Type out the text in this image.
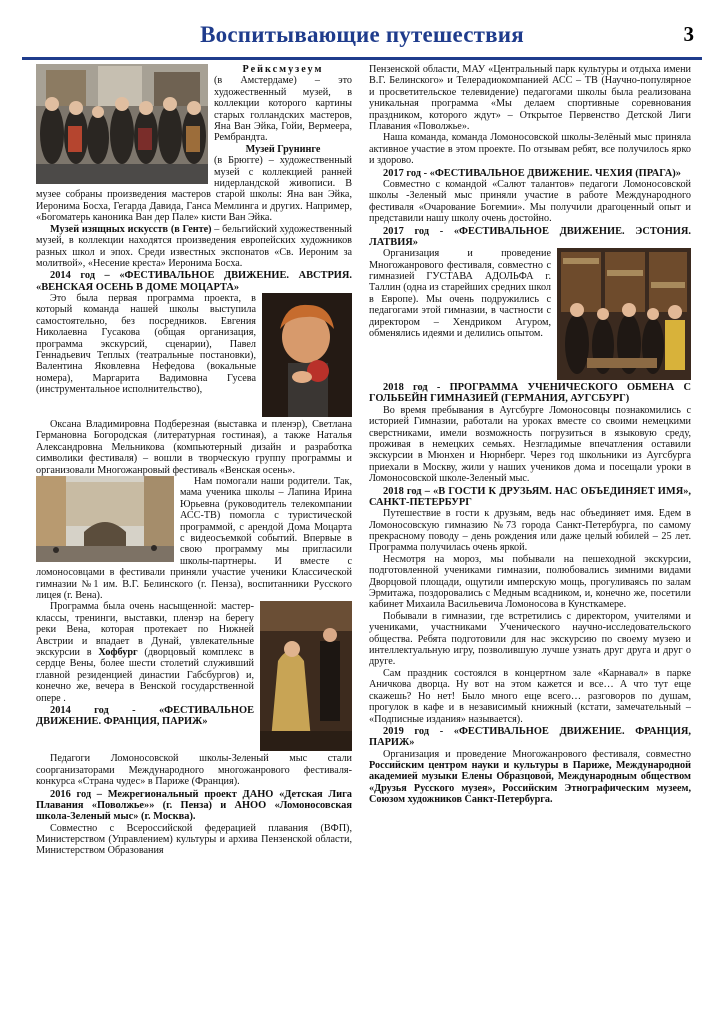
Воспитывающие путешествия	3

Рейксмузеум

(в Амстердаме) – это художественный музей, в коллекции которого картины старых голландских мастеров, Яна Ван Эйка, Гойи, Вермеера, Рембрандта.

Музей Грунинге

(в Брюгге) – художественный музей с коллекцией ранней нидерландской живописи. В музее собраны произведения мастеров старой школы: Яна ван Эйка, Иеронима Босха, Гегарда Давида, Ганса Мемлинга и других. Например, «Богоматерь каноника Ван дер Пале» кисти Ван Эйка.

Музей изящных искусств (в Генте) – бельгийский художественный музей, в коллекции находятся произведения европейских художников разных школ и эпох. Среди известных экспонатов «Св. Иероним за молитвой», «Несение креста» Иеронима Босха.

2014 год – «ФЕСТИВАЛЬНОЕ ДВИЖЕНИЕ. АВСТРИЯ. «ВЕНСКАЯ ОСЕНЬ В ДОМЕ МОЦАРТА»

Это была первая программа проекта, в который команда нашей школы выступила самостоятельно, без посредников. Евгения Николаевна Гусакова (общая организация, программа экскурсий, сценарии), Павел Геннадьевич Теплых (театральные постановки), Валентина Яковлевна Нефедова (вокальные номера), Маргарита Вадимовна Гусева (инструментальное исполнительство),

Оксана Владимировна Подберезная (выставка и пленэр), Светлана Германовна Богородская (литературная гостиная), а также Наталья Александровна Мельникова (компьютерный дизайн и разработка символики фестиваля) – вошли в творческую группу программы и организовали Многожанровый фестиваль «Венская осень».

Нам помогали наши родители. Так, мама ученика школы – Лапина Ирина Юрьевна (руководитель телекомпании АСС-ТВ) помогла с туристической программой, с арендой Дома Моцарта с видеосъемкой событий. Впервые в свою программу мы пригласили школы-партнеры. И вместе с ломоносовцами в фестивали приняли участие ученики Классической гимназии №1 им. В.Г. Белинского (г. Пенза), воспитанники Русского лицея (г. Вена).

Программа была очень насыщенной: мастер-классы, тренинги, выставки, пленэр на берегу реки Вена, которая протекает по Нижней Австрии и впадает в Дунай, увлекательные экскурсии в Хофбург (дворцовый комплекс в сердце Вены, более шести столетий служивший главной резиденцией династии Габсбургов) и, конечно же, вечера в Венской государственной опере .

2014 год - «ФЕСТИВАЛЬНОЕ ДВИЖЕНИЕ. ФРАНЦИЯ, ПАРИЖ»

Педагоги Ломоносовской школы-Зеленый мыс стали соорганизаторами Международного многожанрового фестиваля-конкурса «Страна чудес» в Париже (Франция).

2016 год – Межрегиональный проект ДАНО «Детская Лига Плавания «Поволжье»» (г. Пенза) и АНОО «Ломоносовская школа-Зеленый мыс» (г. Москва).

Совместно с Всероссийской федерацией плавания (ВФП), Министерством (Управлением) культуры и архива Пензенской области, Министерством Образования

Пензенской области, МАУ «Центральный парк культуры и отдыха имени В.Г. Белинского» и Телерадиокомпанией АСС – ТВ (Научно-популярное и просветительское телевидение) педагогами школы была реализована уникальная программа «Мы делаем спортивные соревнования праздником, которого ждут» – Открытое Первенство Детской Лиги Плавания «Поволжье».

Наша команда, команда Ломоносовской школы-Зелёный мыс приняла активное участие в этом проекте. По отзывам ребят, все получилось ярко и здорово.

2017 год - «ФЕСТИВАЛЬНОЕ ДВИЖЕНИЕ. ЧЕХИЯ (ПРАГА)»

Совместно с командой «Салют талантов» педагоги Ломоносовской школы -Зеленый мыс приняли участие в работе Международного фестиваля «Очарование Богемии». Мы получили драгоценный опыт и представили нашу школу очень достойно.

2017 год - «ФЕСТИВАЛЬНОЕ ДВИЖЕНИЕ. ЭСТОНИЯ. ЛАТВИЯ»

Организация и проведение Многожанрового фестиваля, совместно с гимназией ГУСТАВА АДОЛЬФА г. Таллин (одна из старейших средних школ в Европе). Мы очень подружились с педагогами этой гимназии, в частности с директором – Хендриком Агуром, обменялись идеями и делились опытом.

2018 год - ПРОГРАММА УЧЕНИЧЕСКОГО ОБМЕНА С ГОЛЬБЕЙН ГИМНАЗИЕЙ (ГЕРМАНИЯ, АУГСБУРГ)

Во время пребывания в Аугсбурге Ломоносовцы познакомились с историей Гимназии, работали на уроках вместе со своими немецкими сверстниками, имели возможность погрузиться в языковую среду, проживая в немецких семьях. Незгладимые впечатления оставили экскурсии в Мюнхен и Нюрнберг. Через год школьники из Аугсбурга приехали в Москву, жили у наших учеников дома и посещали уроки в Ломоносовской школе-Зеленый мыс.

2018 год – «В ГОСТИ К ДРУЗЬЯМ. НАС ОБЪЕДИНЯЕТ ИМЯ», САНКТ-ПЕТЕРБУРГ

Путешествие в гости к друзьям, ведь нас объединяет имя. Едем в Ломоносовскую гимназию №73 города Санкт-Петербурга, по самому прекрасному поводу – день рождения или даже целый юбилей – 25 лет. Программа получилась очень яркой.

Несмотря на мороз, мы побывали на пешеходной экскурсии, подготовленной учениками гимназии, полюбовались зимними видами Дворцовой площади, ощутили имперскую мощь, прогуливаясь по залам Эрмитажа, поздоровались с Медным всадником, и, конечно же, посетили кабинет Михаила Васильевича Ломоносова в Кунсткамере.

Побывали в гимназии, где встретились с директором, учителями и учениками, участниками Ученического научно-исследовательского общества. Ребята подготовили для нас экскурсию по своему музею и интеллектуальную игру, позволившую лучше узнать друг друга и друг о друге.

Сам праздник состоялся в концертном зале «Карнавал» в парке Аничкова дворца. Ну вот на этом кажется и все… А что тут еще скажешь? Но нет! Было много еще всего… разговоров по душам, прогулок в кафе и в независимый книжный (кстати, замечательный – «Подписные издания» называется).

2019 год - «ФЕСТИВАЛЬНОЕ ДВИЖЕНИЕ. ФРАНЦИЯ, ПАРИЖ»

Организация и проведение Многожанрового фестиваля, совместно Российским центром науки и культуры в Париже, Международной академией музыки Елены Образцовой, Международным обществом «Друзья Русского музея», Российским Этнографическим музеем, Союзом художников Санкт-Петербурга.
